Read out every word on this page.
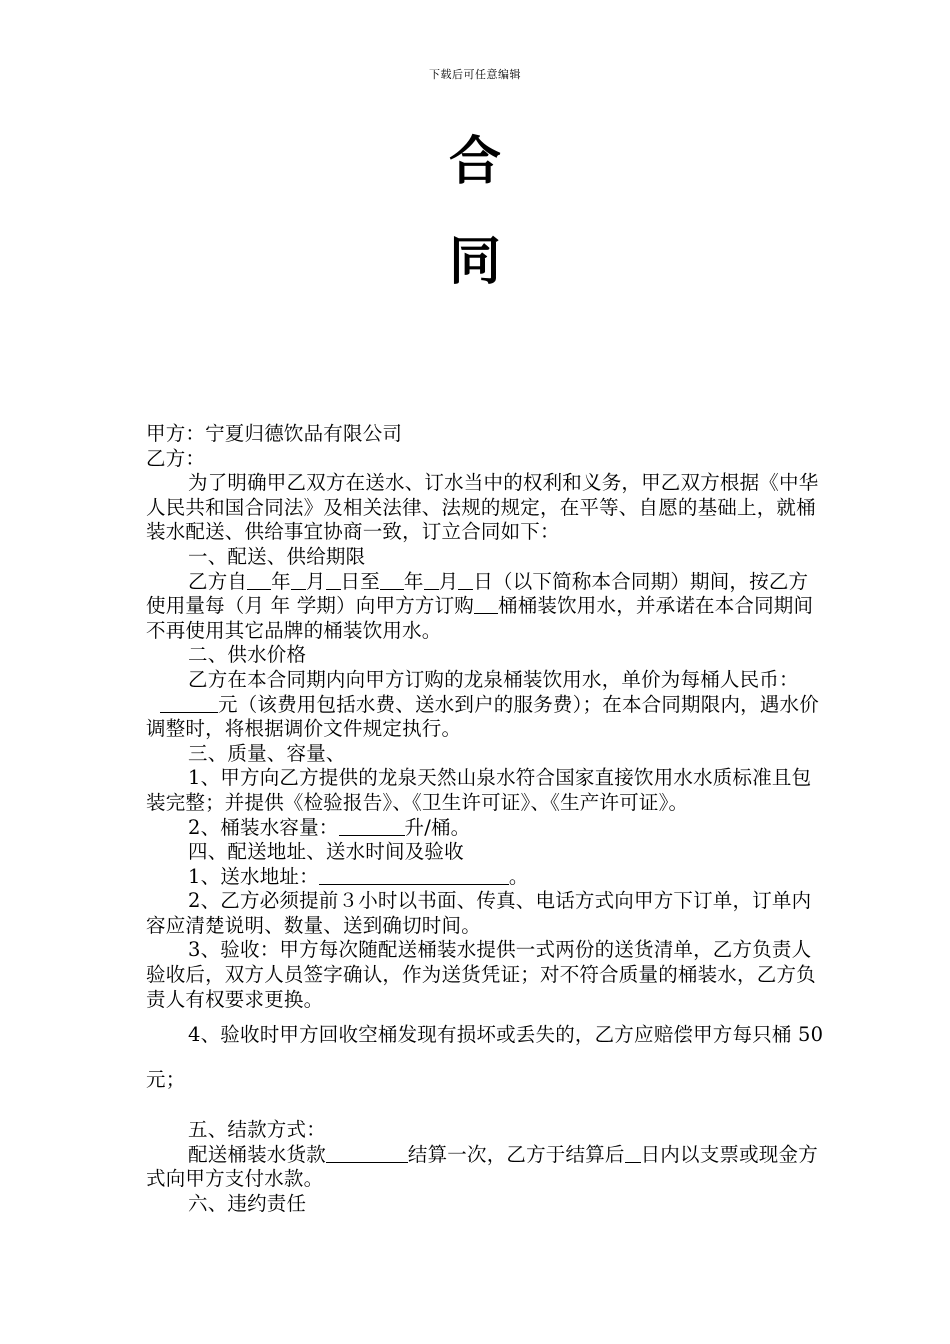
下载后可任意编辑
合
同

甲方：宁夏归德饮品有限公司

乙方：

为了明确甲乙双方在送水、订水当中的权利和义务，甲乙双方根据《中华人民共和国合同法》及相关法律、法规的规定，在平等、自愿的基础上，就桶装水配送、供给事宜协商一致，订立合同如下：

一、配送、供给期限

乙方自 年 月 日至 年 月 日（以下简称本合同期）期间，按乙方使用量每（月 年 学期）向甲方方订购 桶桶装饮用水，并承诺在本合同期间不再使用其它品牌的桶装饮用水。

二、供水价格

乙方在本合同期内向甲方订购的龙泉桶装饮用水，单价为每桶人民币：元（该费用包括水费、送水到户的服务费）；在本合同期限内，遇水价调整时，将根据调价文件规定执行。

三、质量、容量、

1、甲方向乙方提供的龙泉天然山泉水符合国家直接饮用水水质标准且包装完整；并提供《检验报告》、《卫生许可证》、《生产许可证》。

2、桶装水容量：	升/桶。

四、配送地址、送水时间及验收

1、送水地址：	。

2、乙方必须提前３小时以书面、传真、电话方式向甲方下订单，订单内容应清楚说明、数量、送到确切时间。

3、验收：甲方每次随配送桶装水提供一式两份的送货清单，乙方负责人验收后，双方人员签字确认，作为送货凭证；对不符合质量的桶装水，乙方负责人有权要求更换。

4、验收时甲方回收空桶发现有损坏或丢失的，乙方应赔偿甲方每只桶 50 元；

五、结款方式：

配送桶装水货款	结算一次，乙方于结算后 日内以支票或现金方式向甲方支付水款。

六、违约责任
